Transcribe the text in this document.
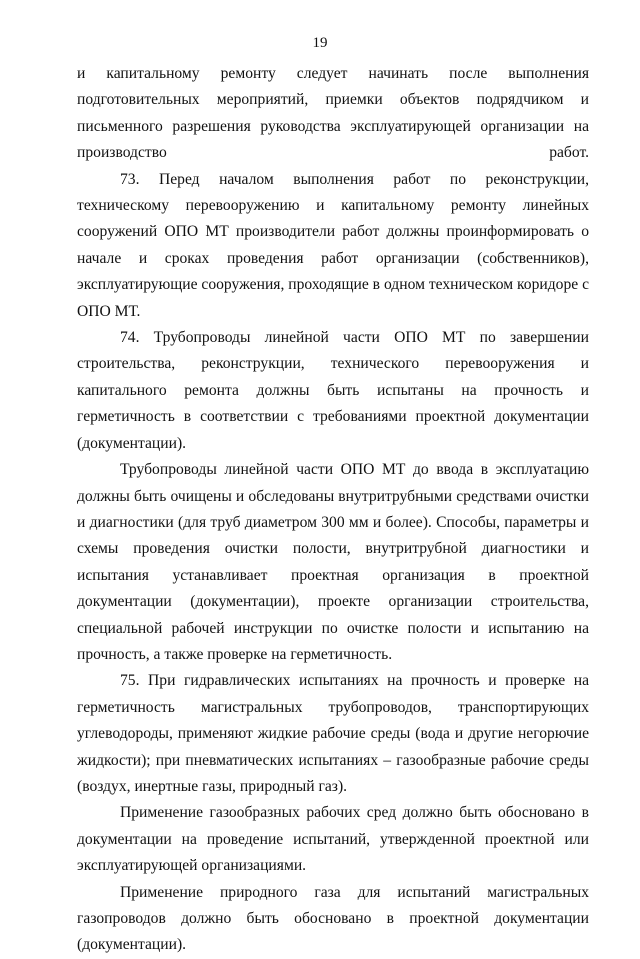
19

и капитальному ремонту следует начинать после выполнения подготовительных мероприятий, приемки объектов подрядчиком и письменного разрешения руководства эксплуатирующей организации на производство работ.

73. Перед началом выполнения работ по реконструкции, техническому перевооружению и капитальному ремонту линейных сооружений ОПО МТ производители работ должны проинформировать о начале и сроках проведения работ организации (собственников), эксплуатирующие сооружения, проходящие в одном техническом коридоре с ОПО МТ.

74. Трубопроводы линейной части ОПО МТ по завершении строительства, реконструкции, технического перевооружения и капитального ремонта должны быть испытаны на прочность и герметичность в соответствии с требованиями проектной документации (документации).

Трубопроводы линейной части ОПО МТ до ввода в эксплуатацию должны быть очищены и обследованы внутритрубными средствами очистки и диагностики (для труб диаметром 300 мм и более). Способы, параметры и схемы проведения очистки полости, внутритрубной диагностики и испытания устанавливает проектная организация в проектной документации (документации), проекте организации строительства, специальной рабочей инструкции по очистке полости и испытанию на прочность, а также проверке на герметичность.

75. При гидравлических испытаниях на прочность и проверке на герметичность магистральных трубопроводов, транспортирующих углеводороды, применяют жидкие рабочие среды (вода и другие негорючие жидкости); при пневматических испытаниях – газообразные рабочие среды (воздух, инертные газы, природный газ).

Применение газообразных рабочих сред должно быть обосновано в документации на проведение испытаний, утвержденной проектной или эксплуатирующей организациями.

Применение природного газа для испытаний магистральных газопроводов должно быть обосновано в проектной документации (документации).
